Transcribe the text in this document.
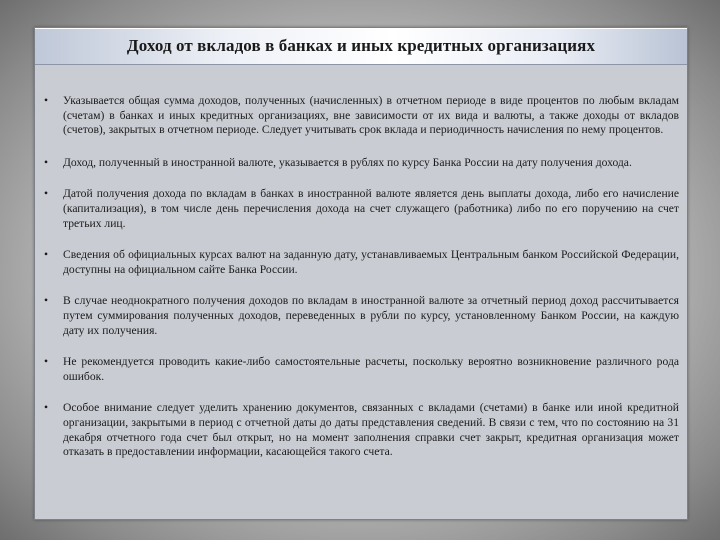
Доход от вкладов в банках и иных кредитных организациях

• Указывается общая сумма доходов, полученных (начисленных) в отчетном периоде в виде процентов по любым вкладам (счетам) в банках и иных кредитных организациях, вне зависимости от их вида и валюты, а также доходы от вкладов (счетов), закрытых в отчетном периоде. Следует учитывать срок вклада и периодичность начисления по нему процентов.

• Доход, полученный в иностранной валюте, указывается в рублях по курсу Банка России на дату получения дохода.

• Датой получения дохода по вкладам в банках в иностранной валюте является день выплаты дохода, либо его начисление (капитализация), в том числе день перечисления дохода на счет служащего (работника) либо по его поручению на счет третьих лиц.

• Сведения об официальных курсах валют на заданную дату, устанавливаемых Центральным банком Российской Федерации, доступны на официальном сайте Банка России.

• В случае неоднократного получения доходов по вкладам в иностранной валюте за отчетный период доход рассчитывается путем суммирования полученных доходов, переведенных в рубли по курсу, установленному Банком России, на каждую дату их получения.

• Не рекомендуется проводить какие-либо самостоятельные расчеты, поскольку вероятно возникновение различного рода ошибок.

• Особое внимание следует уделить хранению документов, связанных с вкладами (счетами) в банке или иной кредитной организации, закрытыми в период с отчетной даты до даты представления сведений. В связи с тем, что по состоянию на 31 декабря отчетного года счет был открыт, но на момент заполнения справки счет закрыт, кредитная организация может отказать в предоставлении информации, касающейся такого счета.
